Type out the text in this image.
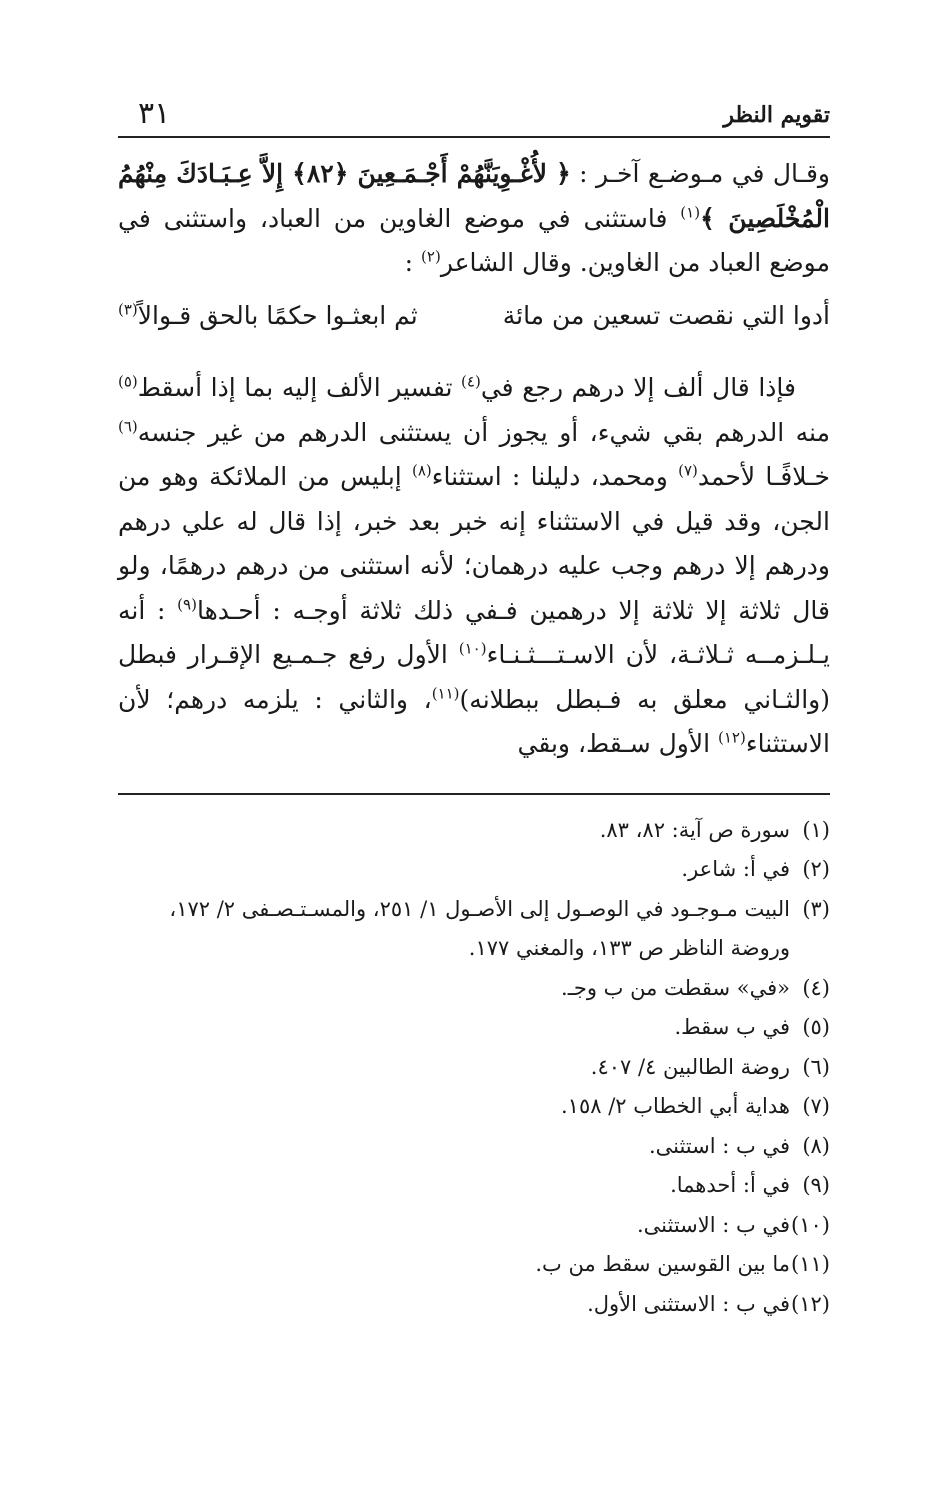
تقويم النظر
٣١

وقـال في مـوضـع آخـر : ﴿ لأُغْـوِيَنَّهُمْ أَجْـمَـعِينَ ﴿٨٢﴾ إِلاَّ عِـبَـادَكَ مِنْهُمُ الْمُخْلَصِينَ ﴾$^{(١)}$ فاستثنى في موضع الغاوين من العباد، واستثنى في موضع العباد من الغاوين. وقال الشاعر$^{(٢)}$ :

أدوا التي نقصت تسعين من مائة
ثم ابعثـوا حكمًا بالحق قـوالاً$^{(٣)}$

فإذا قال ألف إلا درهم رجع في$^{(٤)}$ تفسير الألف إليه بما إذا أسقط$^{(٥)}$ منه الدرهم بقي شيء، أو يجوز أن يستثنى الدرهم من غير جنسه$^{(٦)}$ خـلافًـا لأحمد$^{(٧)}$ ومحمد، دليلنا : استثناء$^{(٨)}$ إبليس من الملائكة وهو من الجن، وقد قيل في الاستثناء إنه خبر بعد خبر، إذا قال له علي درهم ودرهم إلا درهم وجب عليه درهمان؛ لأنه استثنى من درهم درهمًا، ولو قال ثلاثة إلا ثلاثة إلا درهمين فـفي ذلك ثلاثة أوجـه : أحـدها$^{(٩)}$ : أنه يـلـزمــه ثـلاثـة، لأن الاسـتـــثـنـاء$^{(١٠)}$ الأول رفع جـمـيع الإقـرار فبطل (والثـاني معلق به فـبطل ببطلانه)$^{(١١)}$، والثاني : يلزمه درهم؛ لأن الاستثناء$^{(١٢)}$ الأول سـقط، وبقي

(١)
سورة ص آية: ٨٢، ٨٣.
(٢)
في أ: شاعر.
(٣)
البيت مـوجـود في الوصـول إلى الأصـول ١/ ٢٥١، والمسـتـصـفى ٢/ ١٧٢، وروضة الناظر ص ١٣٣، والمغني ١٧٧.
(٤)
«في» سقطت من ب وجـ.
(٥)
في ب سقط.
(٦)
روضة الطالبين ٤/ ٤٠٧.
(٧)
هداية أبي الخطاب ٢/ ١٥٨.
(٨)
في ب : استثنى.
(٩)
في أ: أحدهما.
(١٠)
في ب : الاستثنى.
(١١)
ما بين القوسين سقط من ب.
(١٢)
في ب : الاستثنى الأول.
